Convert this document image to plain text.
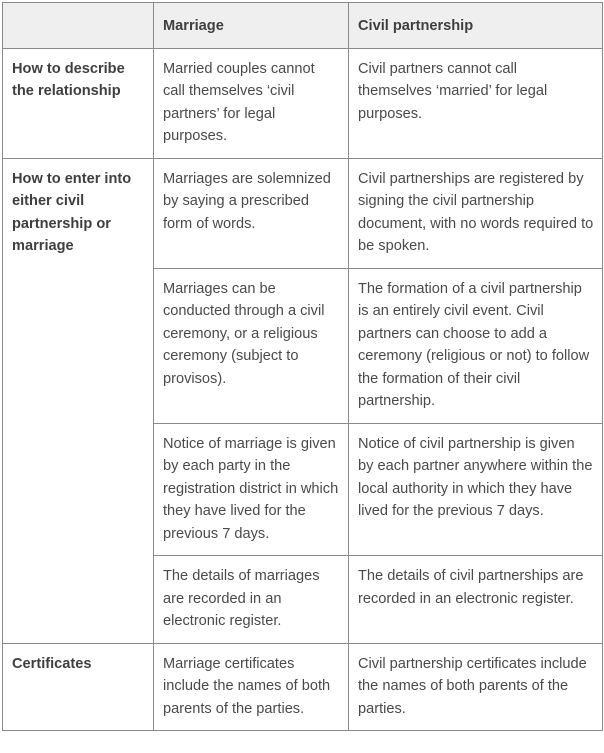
	Marriage	Civil partnership
How to describe the relationship	Married couples cannot call themselves ‘civil partners’ for legal purposes.	Civil partners cannot call themselves ‘married’ for legal purposes.
How to enter into either civil partnership or marriage	Marriages are solemnized by saying a prescribed form of words.	Civil partnerships are registered by signing the civil partnership document, with no words required to be spoken.
	Marriages can be conducted through a civil ceremony, or a religious ceremony (subject to provisos).	The formation of a civil partnership is an entirely civil event. Civil partners can choose to add a ceremony (religious or not) to follow the formation of their civil partnership.
	Notice of marriage is given by each party in the registration district in which they have lived for the previous 7 days.	Notice of civil partnership is given by each partner anywhere within the local authority in which they have lived for the previous 7 days.
	The details of marriages are recorded in an electronic register.	The details of civil partnerships are recorded in an electronic register.
Certificates	Marriage certificates include the names of both parents of the parties.	Civil partnership certificates include the names of both parents of the parties.
